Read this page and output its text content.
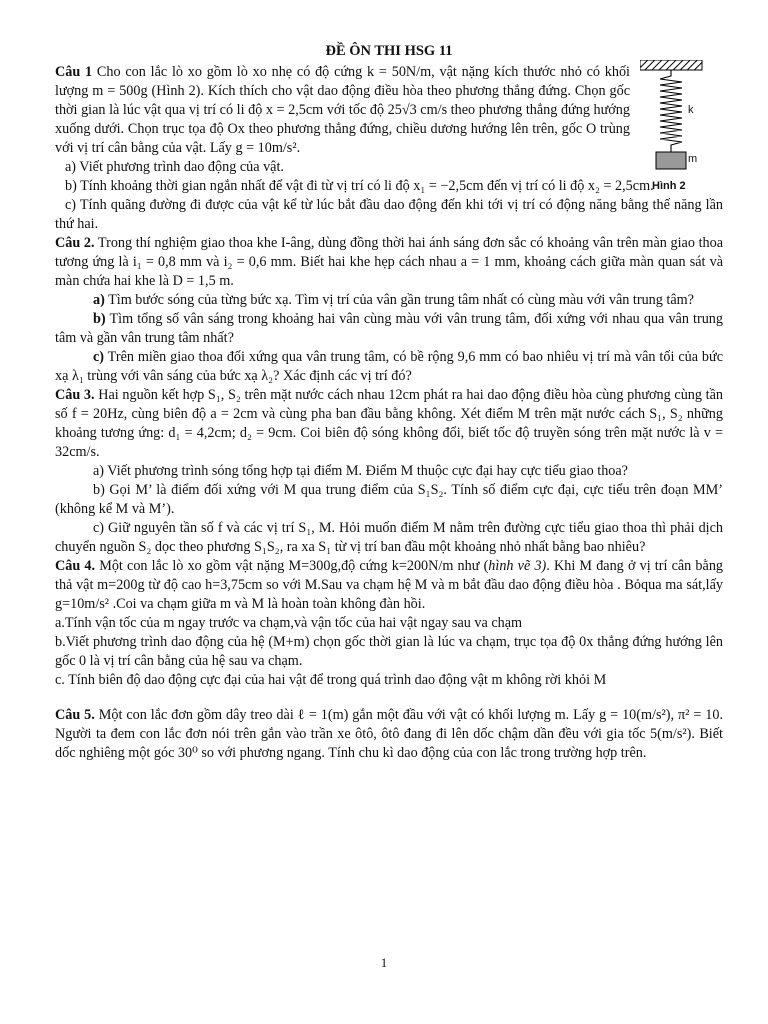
k
m
Hình 2
ĐỀ ÔN THI HSG 11

Câu 1 Cho con lắc lò xo gồm lò xo nhẹ có độ cứng k = 50N/m, vật nặng kích thước nhỏ có khối lượng m = 500g (Hình 2). Kích thích cho vật dao động điều hòa theo phương thẳng đứng. Chọn gốc thời gian là lúc vật qua vị trí có li độ x = 2,5cm với tốc độ 25√3 cm/s theo phương thẳng đứng hướng xuống dưới. Chọn trục tọa độ Ox theo phương thẳng đứng, chiều dương hướng lên trên, gốc O trùng với vị trí cân bằng của vật. Lấy g = 10m/s².

a) Viết phương trình dao động của vật.

b) Tính khoảng thời gian ngắn nhất để vật đi từ vị trí có li độ x₁ = −2,5cm đến vị trí có li độ x₂ = 2,5cm.

c) Tính quãng đường đi được của vật kể từ lúc bắt đầu dao động đến khi tới vị trí có động năng bằng thế năng lần thứ hai.

Câu 2. Trong thí nghiệm giao thoa khe I-âng, dùng đồng thời hai ánh sáng đơn sắc có khoảng vân trên màn giao thoa tương ứng là i₁ = 0,8 mm và i₂ = 0,6 mm. Biết hai khe hẹp cách nhau a = 1 mm, khoảng cách giữa màn quan sát và màn chứa hai khe là D = 1,5 m.

a) Tìm bước sóng của từng bức xạ. Tìm vị trí của vân gần trung tâm nhất có cùng màu với vân trung tâm?

b) Tìm tổng số vân sáng trong khoảng hai vân cùng màu với vân trung tâm, đối xứng với nhau qua vân trung tâm và gần vân trung tâm nhất?

c) Trên miền giao thoa đối xứng qua vân trung tâm, có bề rộng 9,6 mm có bao nhiêu vị trí mà vân tối của bức xạ λ₁ trùng với vân sáng của bức xạ λ₂? Xác định các vị trí đó?

Câu 3. Hai nguồn kết hợp S₁, S₂ trên mặt nước cách nhau 12cm phát ra hai dao động điều hòa cùng phương cùng tần số f = 20Hz, cùng biên độ a = 2cm và cùng pha ban đầu bằng không. Xét điểm M trên mặt nước cách S₁, S₂ những khoảng tương ứng: d₁ = 4,2cm; d₂ = 9cm. Coi biên độ sóng không đổi, biết tốc độ truyền sóng trên mặt nước là v = 32cm/s.

a) Viết phương trình sóng tổng hợp tại điểm M. Điểm M thuộc cực đại hay cực tiểu giao thoa?

b) Gọi M’ là điểm đối xứng với M qua trung điểm của S₁S₂. Tính số điểm cực đại, cực tiểu trên đoạn MM’ (không kể M và M’).

c) Giữ nguyên tần số f và các vị trí S₁, M. Hỏi muốn điểm M nằm trên đường cực tiểu giao thoa thì phải dịch chuyển nguồn S₂ dọc theo phương S₁S₂, ra xa S₁ từ vị trí ban đầu một khoảng nhỏ nhất bằng bao nhiêu?

Câu 4. Một con lắc lò xo gồm vật nặng M=300g,độ cứng k=200N/m như (hình vẽ 3). Khi M đang ở vị trí cân bằng thả vật m=200g từ độ cao h=3,75cm so với M.Sau va chạm hệ M và m bắt đầu dao động điều hòa . Bỏqua ma sát,lấy g=10m/s² .Coi va chạm giữa m và M là hoàn toàn không đàn hồi.

a.Tính vận tốc của m ngay trước va chạm,và vận tốc của hai vật ngay sau va chạm

b.Viết phương trình dao động của hệ (M+m) chọn gốc thời gian là lúc va chạm, trục tọa độ 0x thẳng đứng hướng lên gốc 0 là vị trí cân bằng của hệ sau va chạm.

c. Tính biên độ dao động cực đại của hai vật để trong quá trình dao động vật m không rời khỏi M

Câu 5. Một con lắc đơn gồm dây treo dài ℓ = 1(m) gắn một đầu với vật có khối lượng m. Lấy g = 10(m/s²), π² = 10. Người ta đem con lắc đơn nói trên gắn vào trần xe ôtô, ôtô đang đi lên dốc chậm dần đều với gia tốc 5(m/s²). Biết dốc nghiêng một góc 30⁰ so với phương ngang. Tính chu kì dao động của con lắc trong trường hợp trên.

1
